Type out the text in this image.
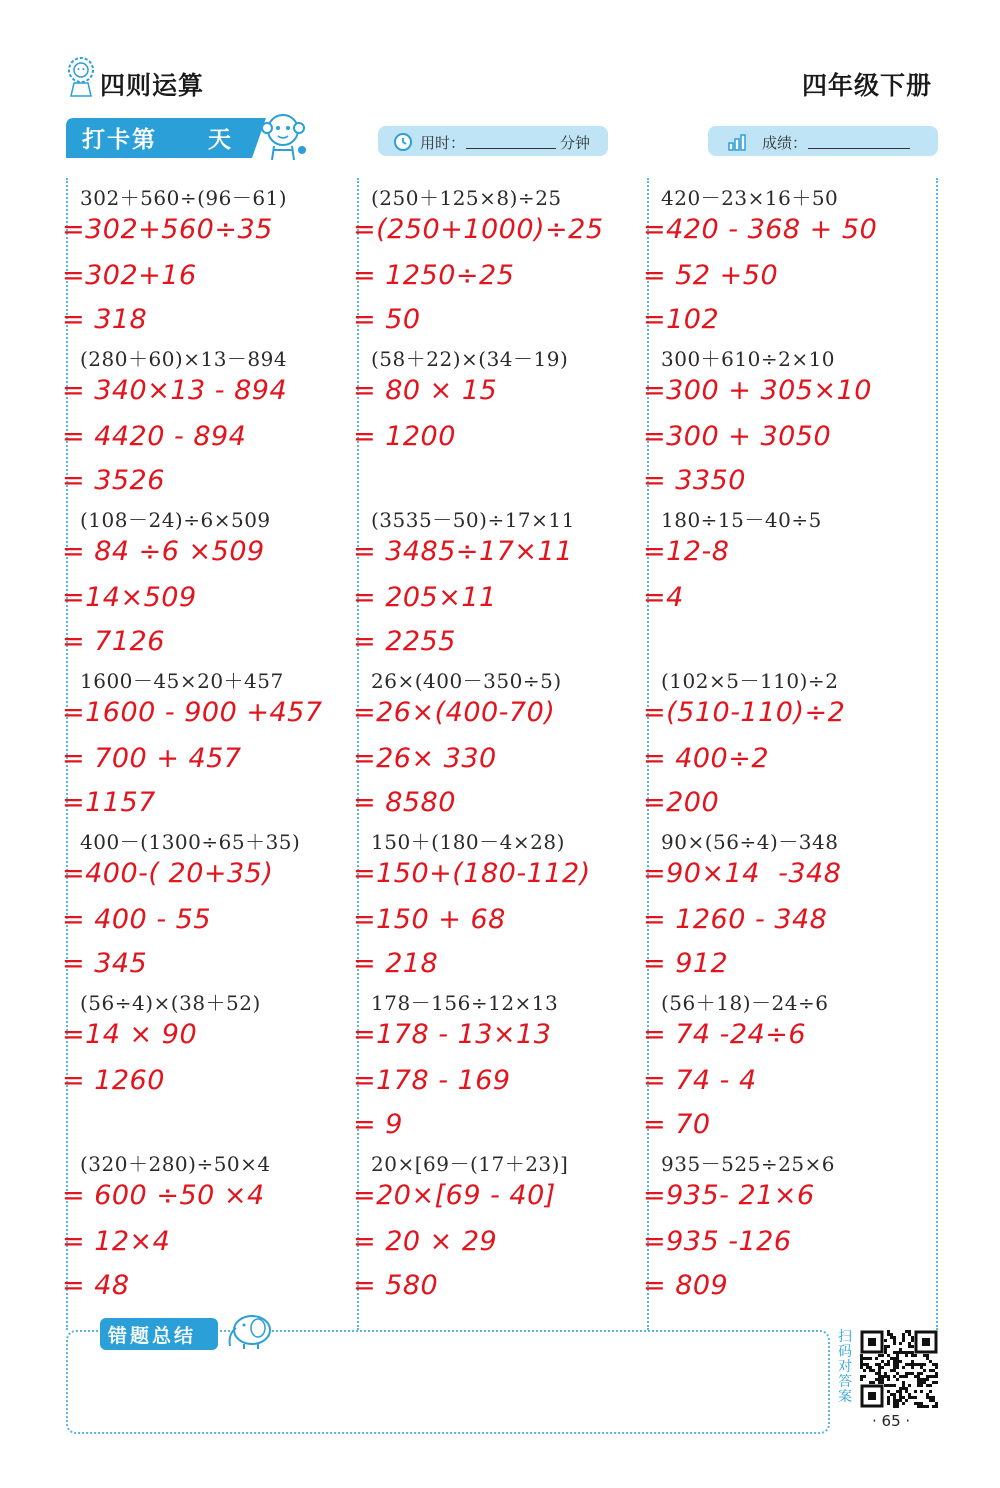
四则运算	四年级下册
打卡第 天	用时：	分钟	成绩：
302＋560÷(96－61)
=302+560÷35
=302+16
= 318
(250＋125×8)÷25
=(250+1000)÷25
= 1250÷25
= 50
420－23×16＋50
=420 - 368 + 50
= 52 +50
=102
(280＋60)×13－894
= 340×13 - 894
= 4420 - 894
= 3526
(58＋22)×(34－19)
= 80 × 15
= 1200
300＋610÷2×10
=300 + 305×10
=300 + 3050
= 3350
(108－24)÷6×509
= 84 ÷6 ×509
=14×509
= 7126
(3535－50)÷17×11
= 3485÷17×11
= 205×11
= 2255
180÷15－40÷5
=12-8
=4
1600－45×20＋457
=1600 - 900 +457
= 700 + 457
=1157
26×(400－350÷5)
=26×(400-70)
=26× 330
= 8580
(102×5－110)÷2
=(510-110)÷2
= 400÷2
=200
400－(1300÷65＋35)
=400-( 20+35)
= 400 - 55
= 345
150＋(180－4×28)
=150+(180-112)
=150 + 68
= 218
90×(56÷4)－348
=90×14  -348
= 1260 - 348
= 912
(56÷4)×(38＋52)
=14 × 90
= 1260
178－156÷12×13
=178 - 13×13
=178 - 169
= 9
(56＋18)－24÷6
= 74 -24÷6
= 74 - 4
= 70
(320＋280)÷50×4
= 600 ÷50 ×4
= 12×4
= 48
20×[69－(17＋23)]
=20×[69 - 40]
= 20 × 29
= 580
935－525÷25×6
=935- 21×6
=935 -126
= 809
错题总结	扫码对答案
· 65 ·
